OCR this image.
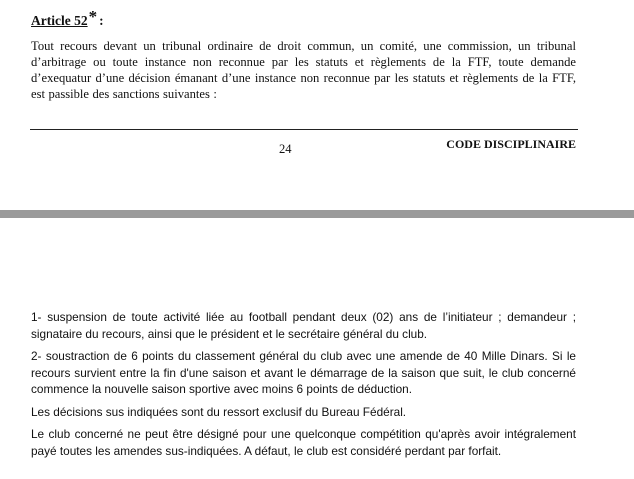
Article 52* :
Tout recours devant un tribunal ordinaire de droit commun, un comité, une commission, un tribunal d’arbitrage ou toute instance non reconnue par les statuts et règlements de la FTF, toute demande d’exequatur d’une décision émanant d’une instance non reconnue par les statuts et règlements de la FTF, est passible des sanctions suivantes :
24	CODE DISCIPLINAIRE

1- suspension de toute activité liée au football pendant deux (02) ans de l’initiateur ; demandeur ; signataire du recours, ainsi que le président et le secrétaire général du club.

2- soustraction de 6 points du classement général du club avec une amende de 40 Mille Dinars. Si le recours survient entre la fin d'une saison et avant le démarrage de la saison que suit, le club concerné commence la nouvelle saison sportive avec moins 6 points de déduction.

Les décisions sus indiquées sont du ressort exclusif du Bureau Fédéral.

Le club concerné ne peut être désigné pour une quelconque compétition qu'après avoir intégralement payé toutes les amendes sus-indiquées. A défaut, le club est considéré perdant par forfait.
